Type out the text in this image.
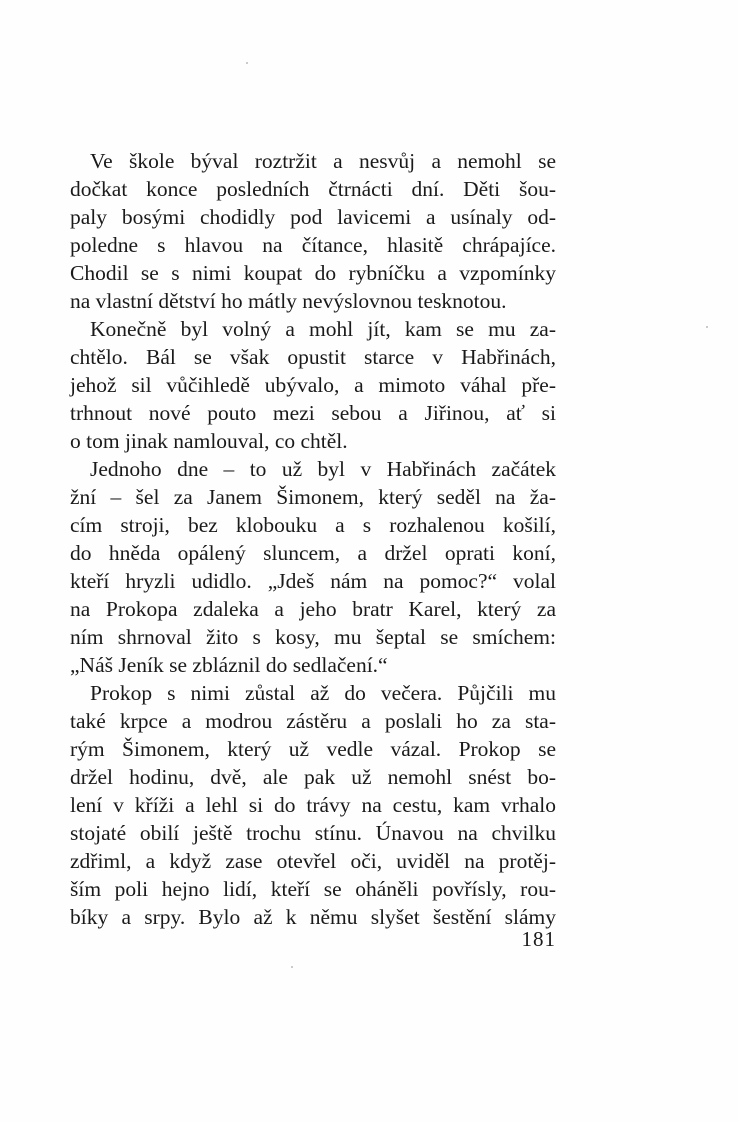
Ve škole býval roztržit a nesvůj a nemohl se
dočkat konce posledních čtrnácti dní. Děti šou-
paly bosými chodidly pod lavicemi a usínaly od-
poledne s hlavou na čítance, hlasitě chrápajíce.
Chodil se s nimi koupat do rybníčku a vzpomínky
na vlastní dětství ho mátly nevýslovnou tesknotou.
Konečně byl volný a mohl jít, kam se mu za-
chtělo. Bál se však opustit starce v Habřinách,
jehož sil vůčihledě ubývalo, a mimoto váhal pře-
trhnout nové pouto mezi sebou a Jiřinou, ať si
o tom jinak namlouval, co chtěl.
Jednoho dne – to už byl v Habřinách začátek
žní – šel za Janem Šimonem, který seděl na ža-
cím stroji, bez klobouku a s rozhalenou košilí,
do hněda opálený sluncem, a držel oprati koní,
kteří hryzli udidlo. „Jdeš nám na pomoc?“ volal
na Prokopa zdaleka a jeho bratr Karel, který za
ním shrnoval žito s kosy, mu šeptal se smíchem:
„Náš Jeník se zbláznil do sedlačení.“
Prokop s nimi zůstal až do večera. Půjčili mu
také krpce a modrou zástěru a poslali ho za sta-
rým Šimonem, který už vedle vázal. Prokop se
držel hodinu, dvě, ale pak už nemohl snést bo-
lení v kříži a lehl si do trávy na cestu, kam vrhalo
stojaté obilí ještě trochu stínu. Únavou na chvilku
zdřiml, a když zase otevřel oči, uviděl na protěj-
ším poli hejno lidí, kteří se oháněli povřísly, rou-
bíky a srpy. Bylo až k němu slyšet šestění slámy
181
